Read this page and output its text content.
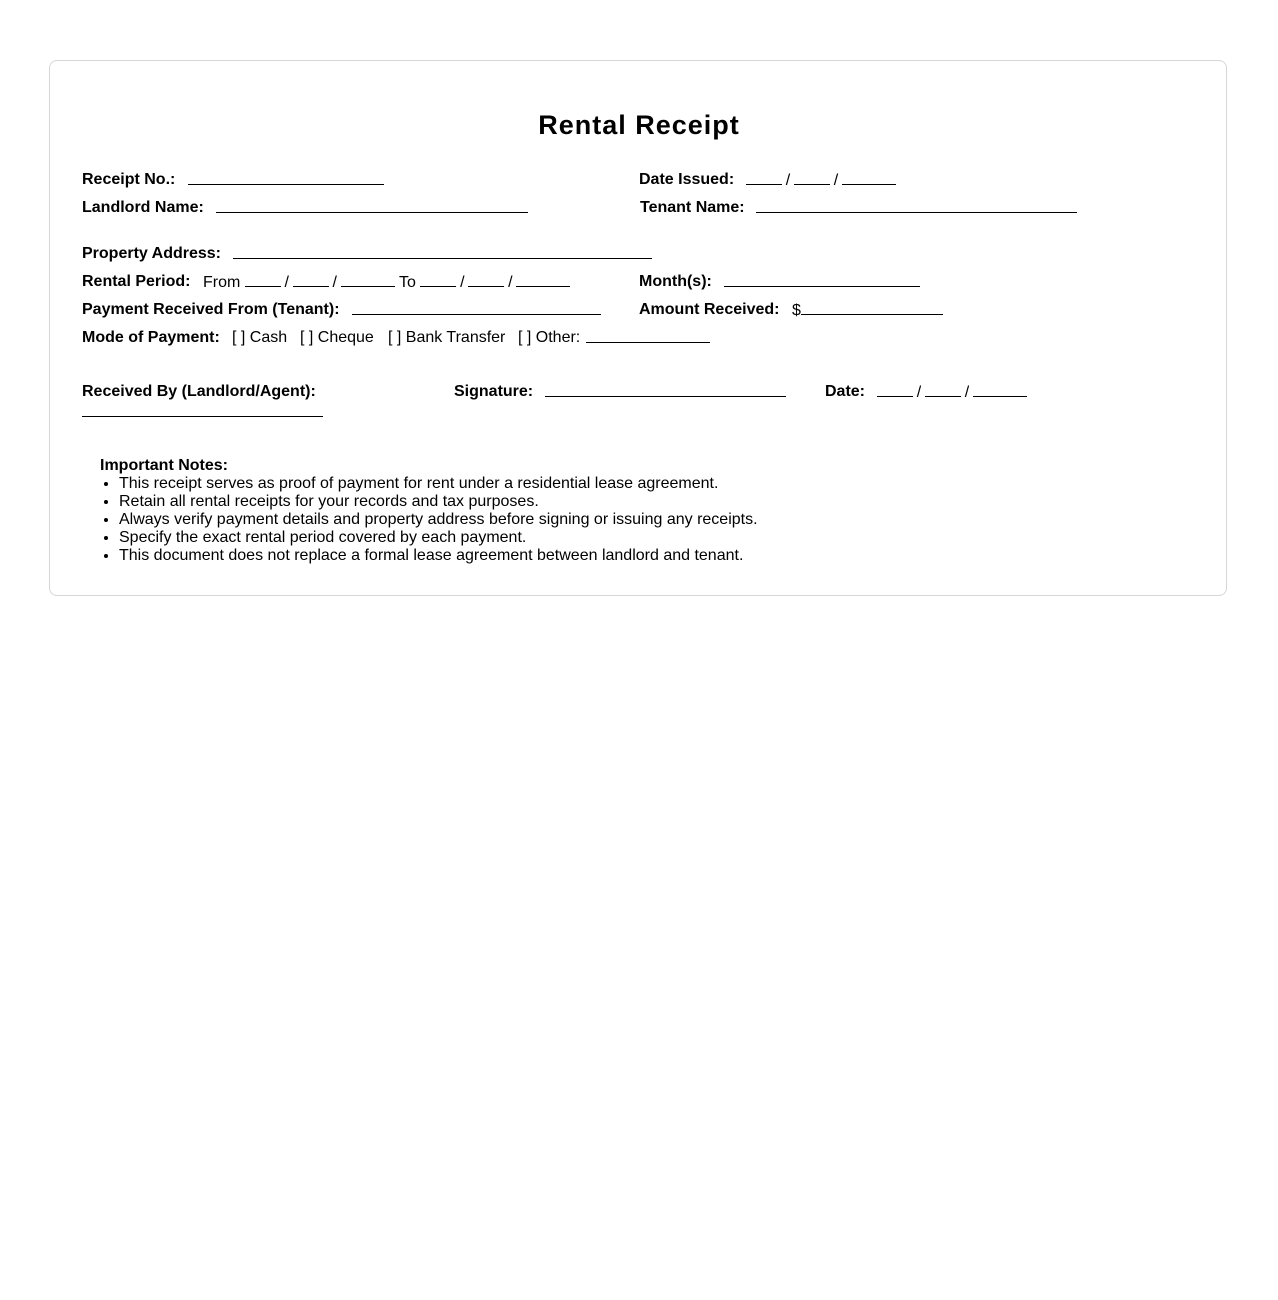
Rental Receipt
Receipt No.:	Date Issued:	/	/
Landlord Name:	Tenant Name:
Property Address:
Rental Period: From	/	/	To	/	/	Month(s):
Payment Received From (Tenant):	Amount Received: $
Mode of Payment: [ ] Cash [ ] Cheque [ ] Bank Transfer [ ] Other:
Received By (Landlord/Agent):	Signature:	Date:	/	/
Important Notes:
• This receipt serves as proof of payment for rent under a residential lease agreement.
• Retain all rental receipts for your records and tax purposes.
• Always verify payment details and property address before signing or issuing any receipts.
• Specify the exact rental period covered by each payment.
• This document does not replace a formal lease agreement between landlord and tenant.
